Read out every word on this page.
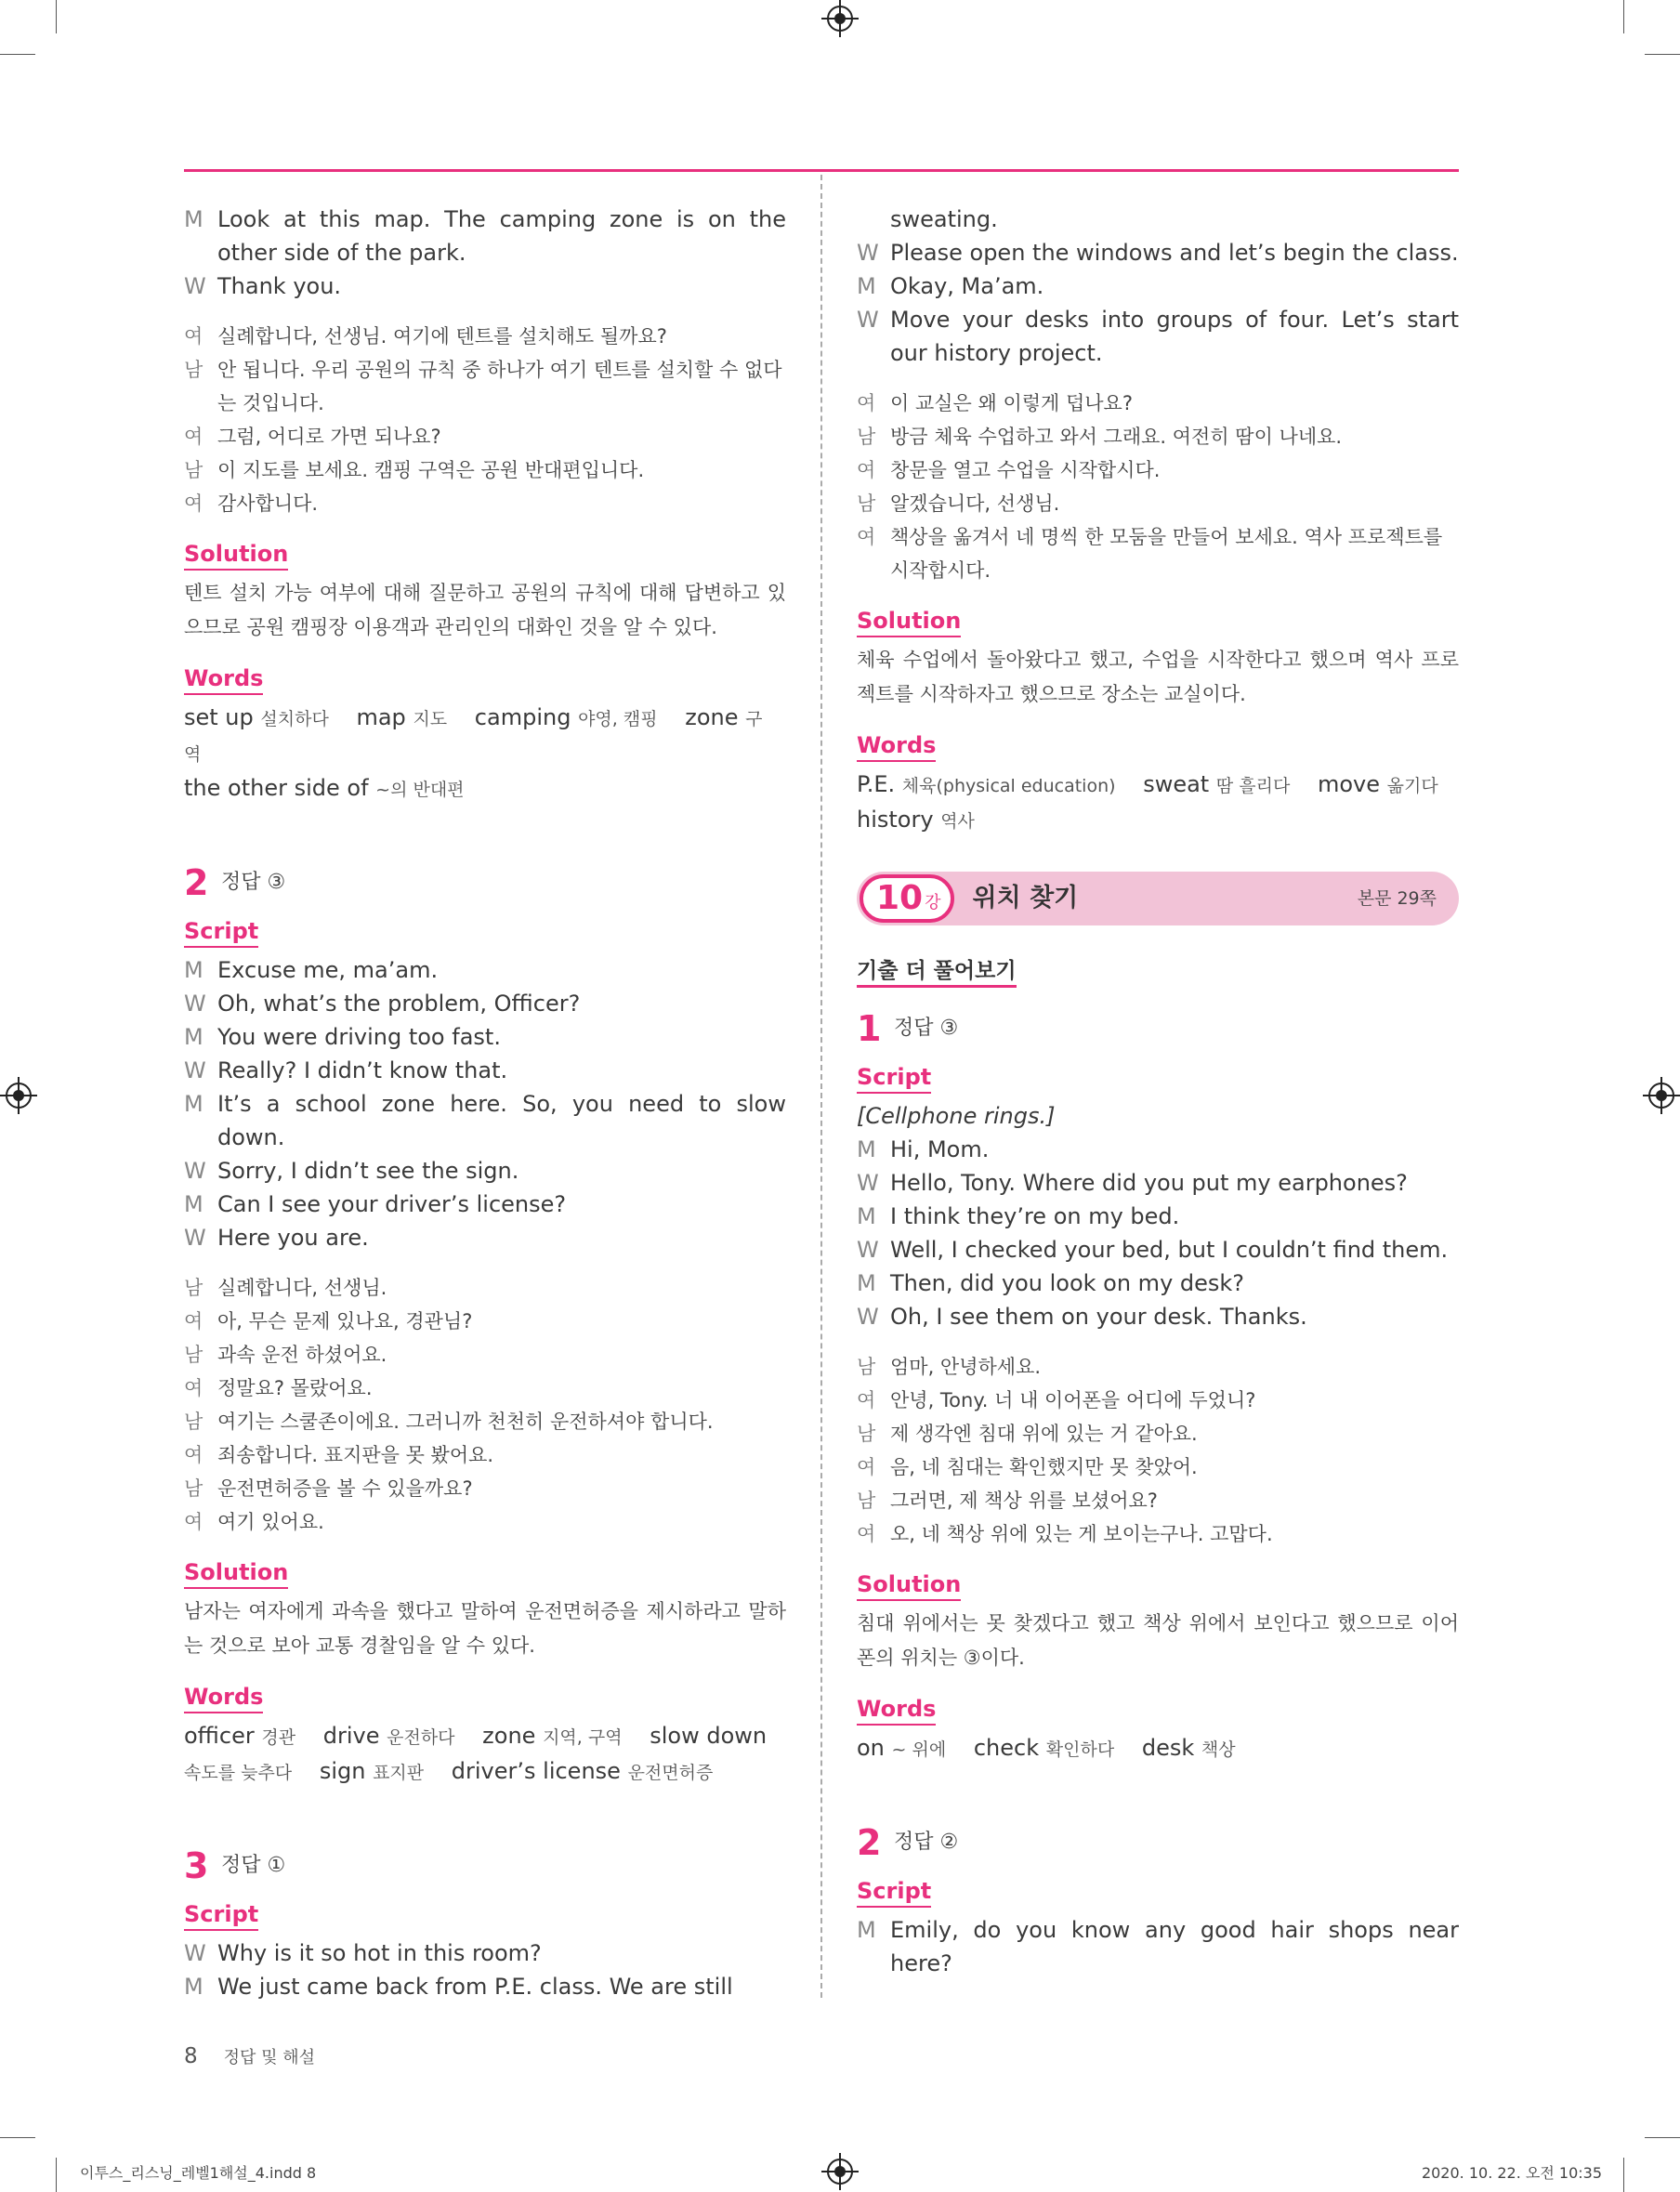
M Look at this map. The camping zone is on the other side of the park.
W Thank you.
여 실례합니다, 선생님. 여기에 텐트를 설치해도 될까요?
남 안 됩니다. 우리 공원의 규칙 중 하나가 여기 텐트를 설치할 수 없다는 것입니다.
여 그럼, 어디로 가면 되나요?
남 이 지도를 보세요. 캠핑 구역은 공원 반대편입니다.
여 감사합니다.
Solution
텐트 설치 가능 여부에 대해 질문하고 공원의 규칙에 대해 답변하고 있으므로 공원 캠핑장 이용객과 관리인의 대화인 것을 알 수 있다.
Words
set up 설치하다 map 지도 camping 야영, 캠핑 zone 구역
the other side of ~의 반대편
2 정답 ③
Script
M Excuse me, ma’am.
W Oh, what’s the problem, Officer?
M You were driving too fast.
W Really? I didn’t know that.
M It’s a school zone here. So, you need to slow down.
W Sorry, I didn’t see the sign.
M Can I see your driver’s license?
W Here you are.
남 실례합니다, 선생님.
여 아, 무슨 문제 있나요, 경관님?
남 과속 운전 하셨어요.
여 정말요? 몰랐어요.
남 여기는 스쿨존이에요. 그러니까 천천히 운전하셔야 합니다.
여 죄송합니다. 표지판을 못 봤어요.
남 운전면허증을 볼 수 있을까요?
여 여기 있어요.
Solution
남자는 여자에게 과속을 했다고 말하여 운전면허증을 제시하라고 말하는 것으로 보아 교통 경찰임을 알 수 있다.
Words
officer 경관 drive 운전하다 zone 지역, 구역 slow down 속도를 늦추다 sign 표지판 driver’s license 운전면허증
3 정답 ①
Script
W Why is it so hot in this room?
M We just came back from P.E. class. We are still
sweating.
W Please open the windows and let’s begin the class.
M Okay, Ma’am.
W Move your desks into groups of four. Let’s start our history project.
여 이 교실은 왜 이렇게 덥나요?
남 방금 체육 수업하고 와서 그래요. 여전히 땀이 나네요.
여 창문을 열고 수업을 시작합시다.
남 알겠습니다, 선생님.
여 책상을 옮겨서 네 명씩 한 모둠을 만들어 보세요. 역사 프로젝트를 시작합시다.
Solution
체육 수업에서 돌아왔다고 했고, 수업을 시작한다고 했으며 역사 프로젝트를 시작하자고 했으므로 장소는 교실이다.
Words
P.E. 체육(physical education) sweat 땀 흘리다 move 옮기다
history 역사
10 강 위치 찾기	본문 29쪽
기출 더 풀어보기
1 정답 ③
Script
[Cellphone rings.]
M Hi, Mom.
W Hello, Tony. Where did you put my earphones?
M I think they’re on my bed.
W Well, I checked your bed, but I couldn’t find them.
M Then, did you look on my desk?
W Oh, I see them on your desk. Thanks.
남 엄마, 안녕하세요.
여 안녕, Tony. 너 내 이어폰을 어디에 두었니?
남 제 생각엔 침대 위에 있는 거 같아요.
여 음, 네 침대는 확인했지만 못 찾았어.
남 그러면, 제 책상 위를 보셨어요?
여 오, 네 책상 위에 있는 게 보이는구나. 고맙다.
Solution
침대 위에서는 못 찾겠다고 했고 책상 위에서 보인다고 했으므로 이어폰의 위치는 ③이다.
Words
on ~ 위에 check 확인하다 desk 책상
2 정답 ②
Script
M Emily, do you know any good hair shops near here?
8 정답 및 해설
이투스_리스닝_레벨1해설_4.indd 8	2020. 10. 22. 오전 10:35
